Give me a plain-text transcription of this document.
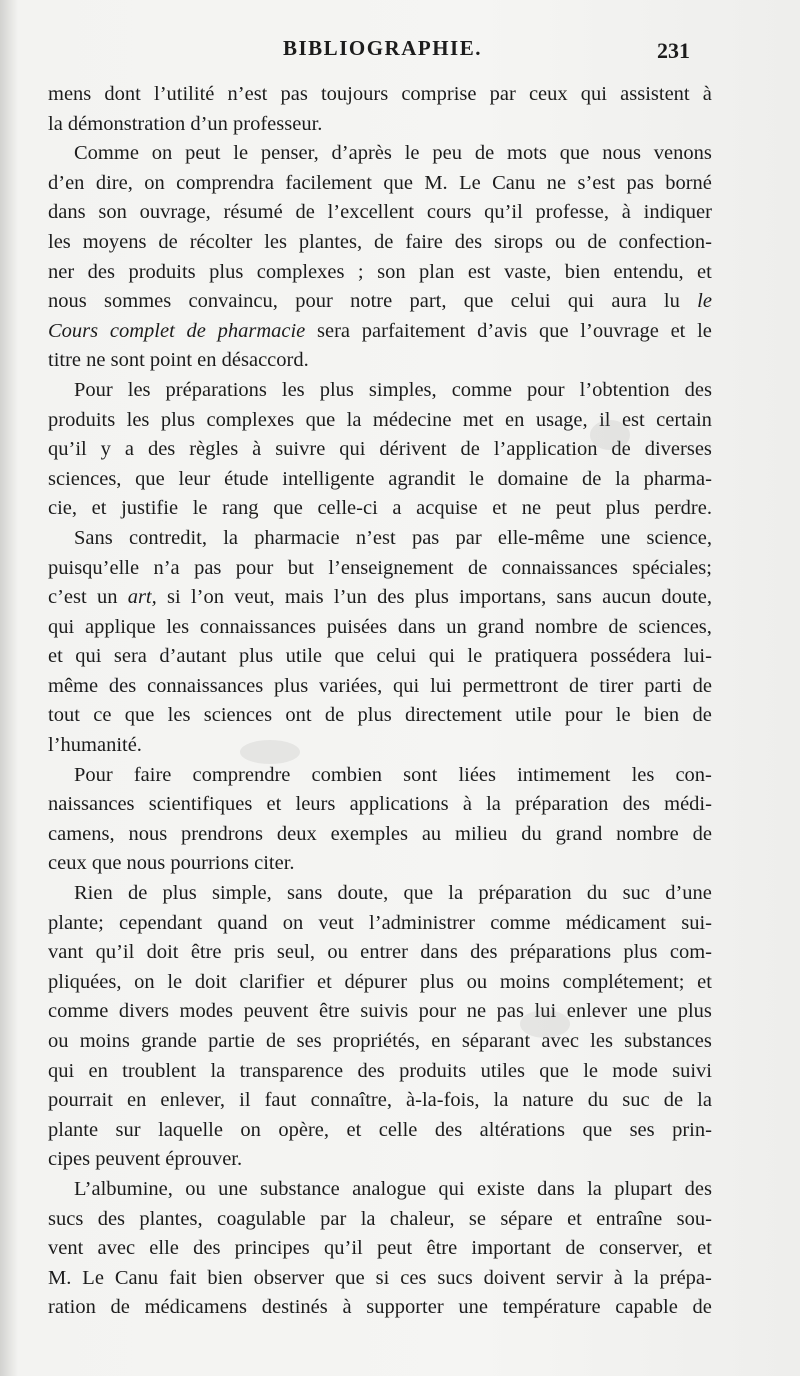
BIBLIOGRAPHIE.	231
mens dont l’utilité n’est pas toujours comprise par ceux qui assistent à
la démonstration d’un professeur.
Comme on peut le penser, d’après le peu de mots que nous venons
d’en dire, on comprendra facilement que M. Le Canu ne s’est pas borné
dans son ouvrage, résumé de l’excellent cours qu’il professe, à indiquer
les moyens de récolter les plantes, de faire des sirops ou de confection-
ner des produits plus complexes ; son plan est vaste, bien entendu, et
nous sommes convaincu, pour notre part, que celui qui aura lu le
Cours complet de pharmacie sera parfaitement d’avis que l’ouvrage et le
titre ne sont point en désaccord.
Pour les préparations les plus simples, comme pour l’obtention des
produits les plus complexes que la médecine met en usage, il est certain
qu’il y a des règles à suivre qui dérivent de l’application de diverses
sciences, que leur étude intelligente agrandit le domaine de la pharma-
cie, et justifie le rang que celle-ci a acquise et ne peut plus perdre.
Sans contredit, la pharmacie n’est pas par elle-même une science,
puisqu’elle n’a pas pour but l’enseignement de connaissances spéciales;
c’est un art, si l’on veut, mais l’un des plus importans, sans aucun doute,
qui applique les connaissances puisées dans un grand nombre de sciences,
et qui sera d’autant plus utile que celui qui le pratiquera possédera lui-
même des connaissances plus variées, qui lui permettront de tirer parti de
tout ce que les sciences ont de plus directement utile pour le bien de
l’humanité.
Pour faire comprendre combien sont liées intimement les con-
naissances scientifiques et leurs applications à la préparation des médi-
camens, nous prendrons deux exemples au milieu du grand nombre de
ceux que nous pourrions citer.
Rien de plus simple, sans doute, que la préparation du suc d’une
plante; cependant quand on veut l’administrer comme médicament sui-
vant qu’il doit être pris seul, ou entrer dans des préparations plus com-
pliquées, on le doit clarifier et dépurer plus ou moins complétement; et
comme divers modes peuvent être suivis pour ne pas lui enlever une plus
ou moins grande partie de ses propriétés, en séparant avec les substances
qui en troublent la transparence des produits utiles que le mode suivi
pourrait en enlever, il faut connaître, à-la-fois, la nature du suc de la
plante sur laquelle on opère, et celle des altérations que ses prin-
cipes peuvent éprouver.
L’albumine, ou une substance analogue qui existe dans la plupart des
sucs des plantes, coagulable par la chaleur, se sépare et entraîne sou-
vent avec elle des principes qu’il peut être important de conserver, et
M. Le Canu fait bien observer que si ces sucs doivent servir à la prépa-
ration de médicamens destinés à supporter une température capable de
